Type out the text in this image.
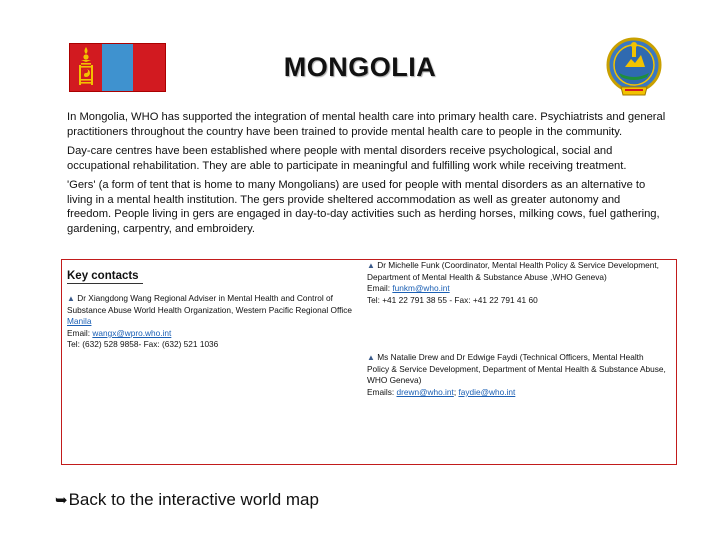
MONGOLIA

In Mongolia, WHO has supported the integration of mental health care into primary health care. Psychiatrists and general practitioners throughout the country have been trained to provide mental health care to people in the community.

Day-care centres have been established where people with mental disorders receive psychological, social and occupational rehabilitation. They are able to participate in meaningful and fulfilling work while receiving treatment.

'Gers' (a form of tent that is home to many Mongolians) are used for people with mental disorders as an alternative to living in a mental health institution. The gers provide sheltered accommodation as well as greater autonomy and freedom. People living in gers are engaged in day-to-day activities such as herding horses, milking cows, fuel gathering, gardening, carpentry, and embroidery.

Key contacts
▲ Dr Xiangdong Wang Regional Adviser in Mental Health and Control of Substance Abuse World Health Organization, Western Pacific Regional Office Manila
Email: wangx@wpro.who.int
Tel: (632) 528 9858- Fax: (632) 521 1036
▲ Dr Michelle Funk (Coordinator, Mental Health Policy & Service Development, Department of Mental Health & Substance Abuse ,WHO Geneva)
Email: funkm@who.int
Tel: +41 22 791 38 55 - Fax: +41 22 791 41 60
▲ Ms Natalie Drew and Dr Edwige Faydi (Technical Officers, Mental Health Policy & Service Development, Department of Mental Health & Substance Abuse, WHO Geneva)
Emails: drewn@who.int; faydie@who.int
➥Back to the interactive world map
